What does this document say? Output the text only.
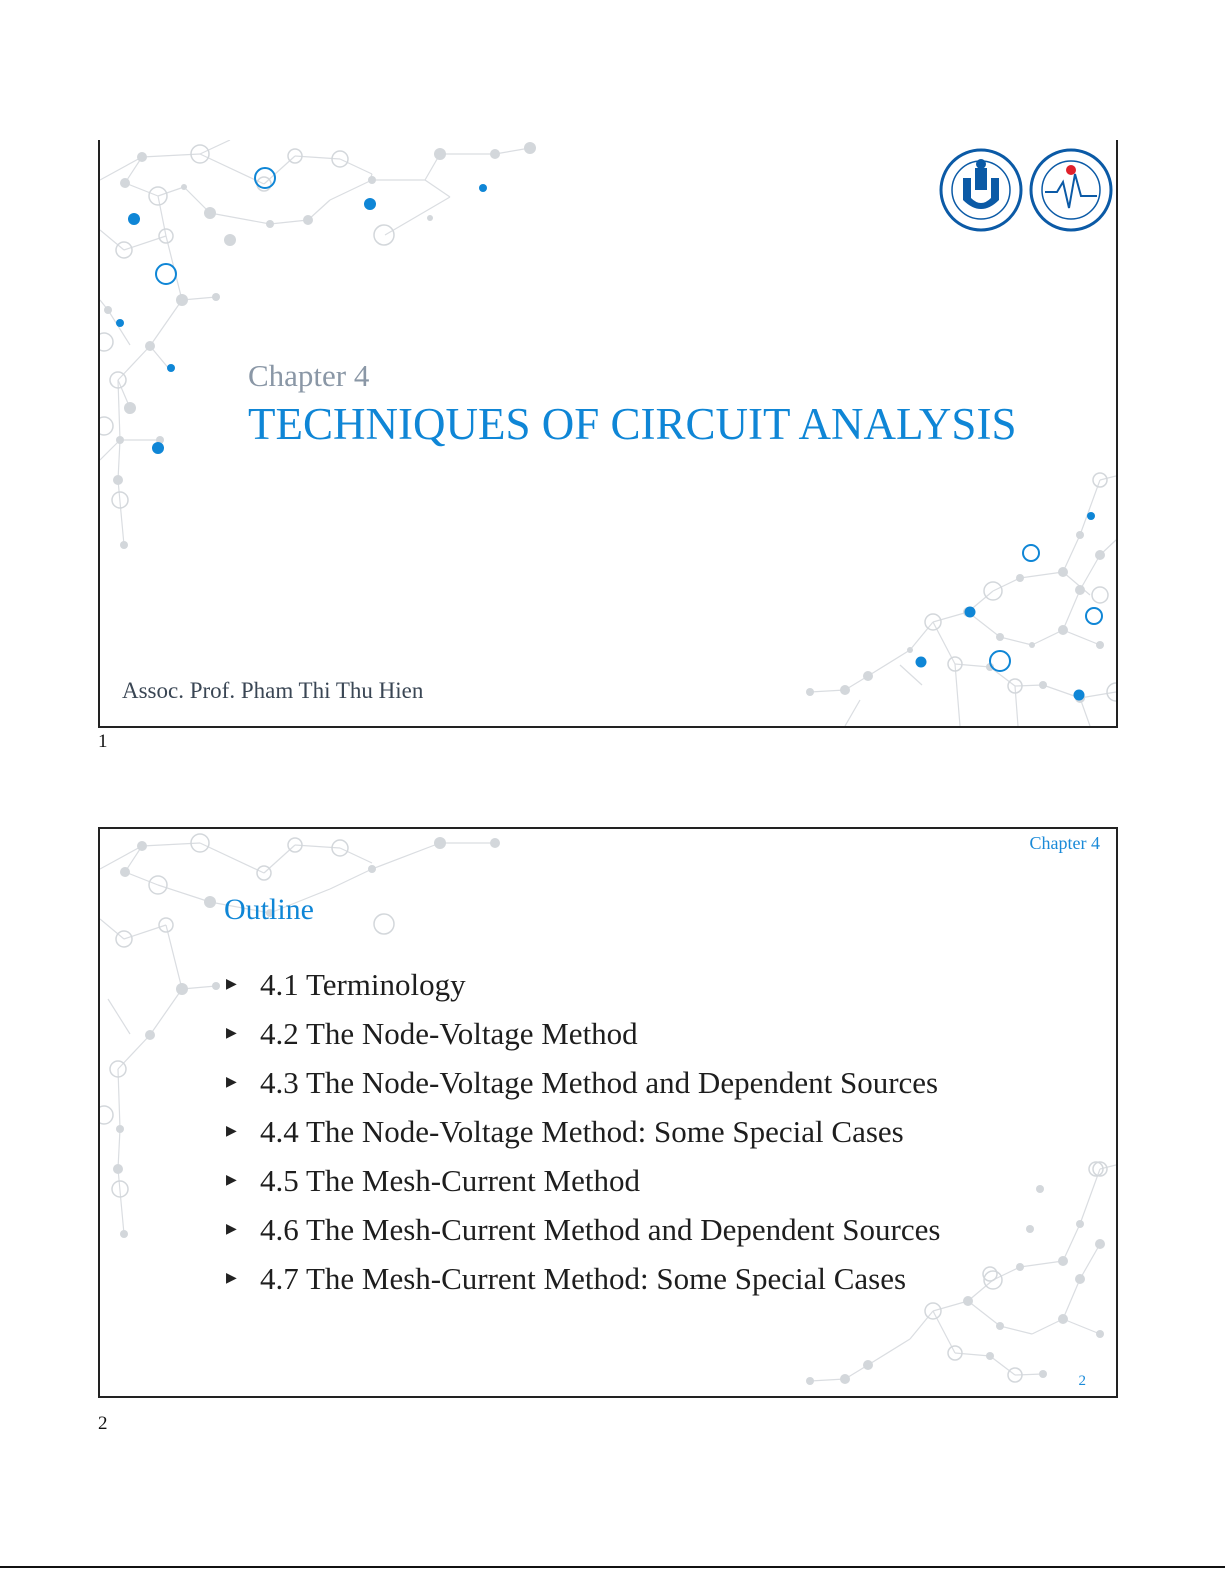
Chapter 4
TECHNIQUES OF CIRCUIT ANALYSIS
Assoc. Prof. Pham Thi Thu Hien
1
Chapter 4
Outline
▶ 4.1 Terminology
▶ 4.2 The Node-Voltage Method
▶ 4.3 The Node-Voltage Method and Dependent Sources
▶ 4.4 The Node-Voltage Method: Some Special Cases
▶ 4.5 The Mesh-Current Method
▶ 4.6 The Mesh-Current Method and Dependent Sources
▶ 4.7 The Mesh-Current Method: Some Special Cases
2
2
